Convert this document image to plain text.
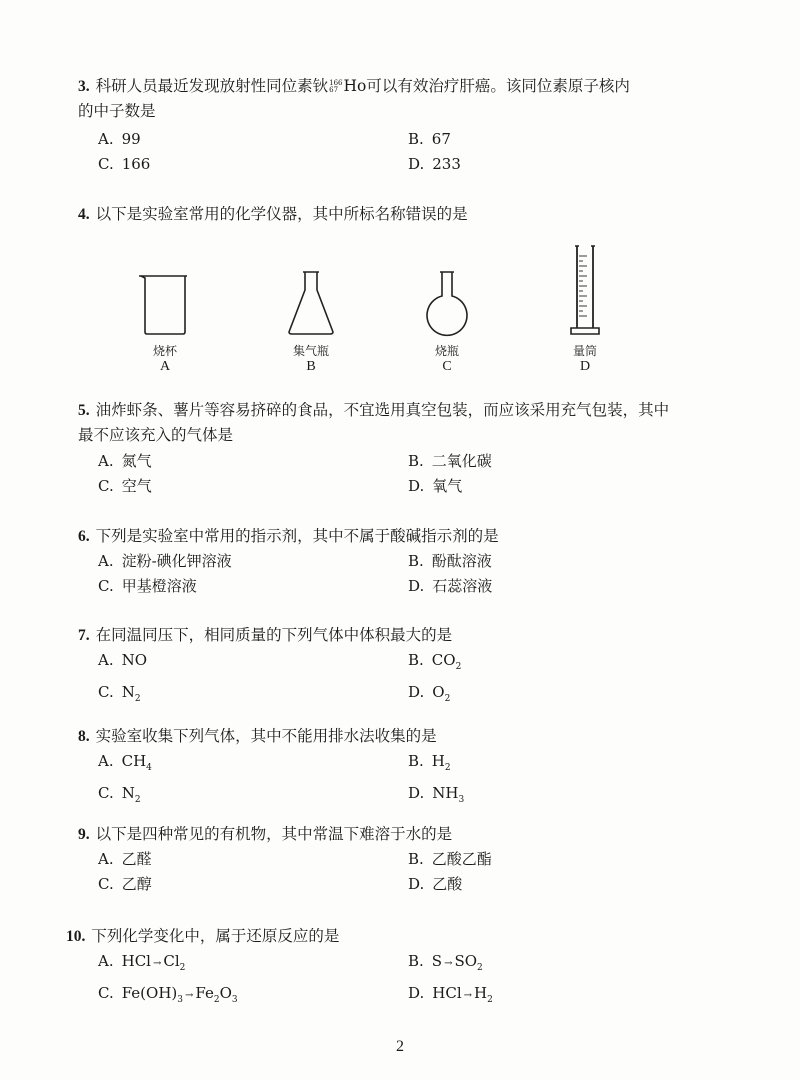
3. 科研人员最近发现放射性同位素钬 166
67 Ho可以有效治疗肝癌。该同位素原子核内
的中子数是

A. 99	B. 67
C. 166	D. 233

4. 以下是实验室常用的化学仪器，其中所标名称错误的是

烧杯
A
集气瓶
B
烧瓶
C
量筒
D

5. 油炸虾条、薯片等容易挤碎的食品，不宜选用真空包装，而应该采用充气包装，其中
最不应该充入的气体是

A. 氮气	B. 二氧化碳
C. 空气	D. 氧气

6. 下列是实验室中常用的指示剂，其中不属于酸碱指示剂的是

A. 淀粉-碘化钾溶液	B. 酚酞溶液
C. 甲基橙溶液	D. 石蕊溶液

7. 在同温同压下，相同质量的下列气体中体积最大的是

A. NO	B. $CO_2$
C. $N_2$	D. $O_2$

8. 实验室收集下列气体，其中不能用排水法收集的是

A. $CH_4$	B. $H_2$
C. $N_2$	D. $NH_3$

9. 以下是四种常见的有机物，其中常温下难溶于水的是

A. 乙醛	B. 乙酸乙酯
C. 乙醇	D. 乙酸

10. 下列化学变化中，属于还原反应的是

A. HCl → $Cl_2$	B. $S \to SO_2$
C. $Fe(OH)_3 \to Fe_2O_3$	D. HCl → $H_2$
2
